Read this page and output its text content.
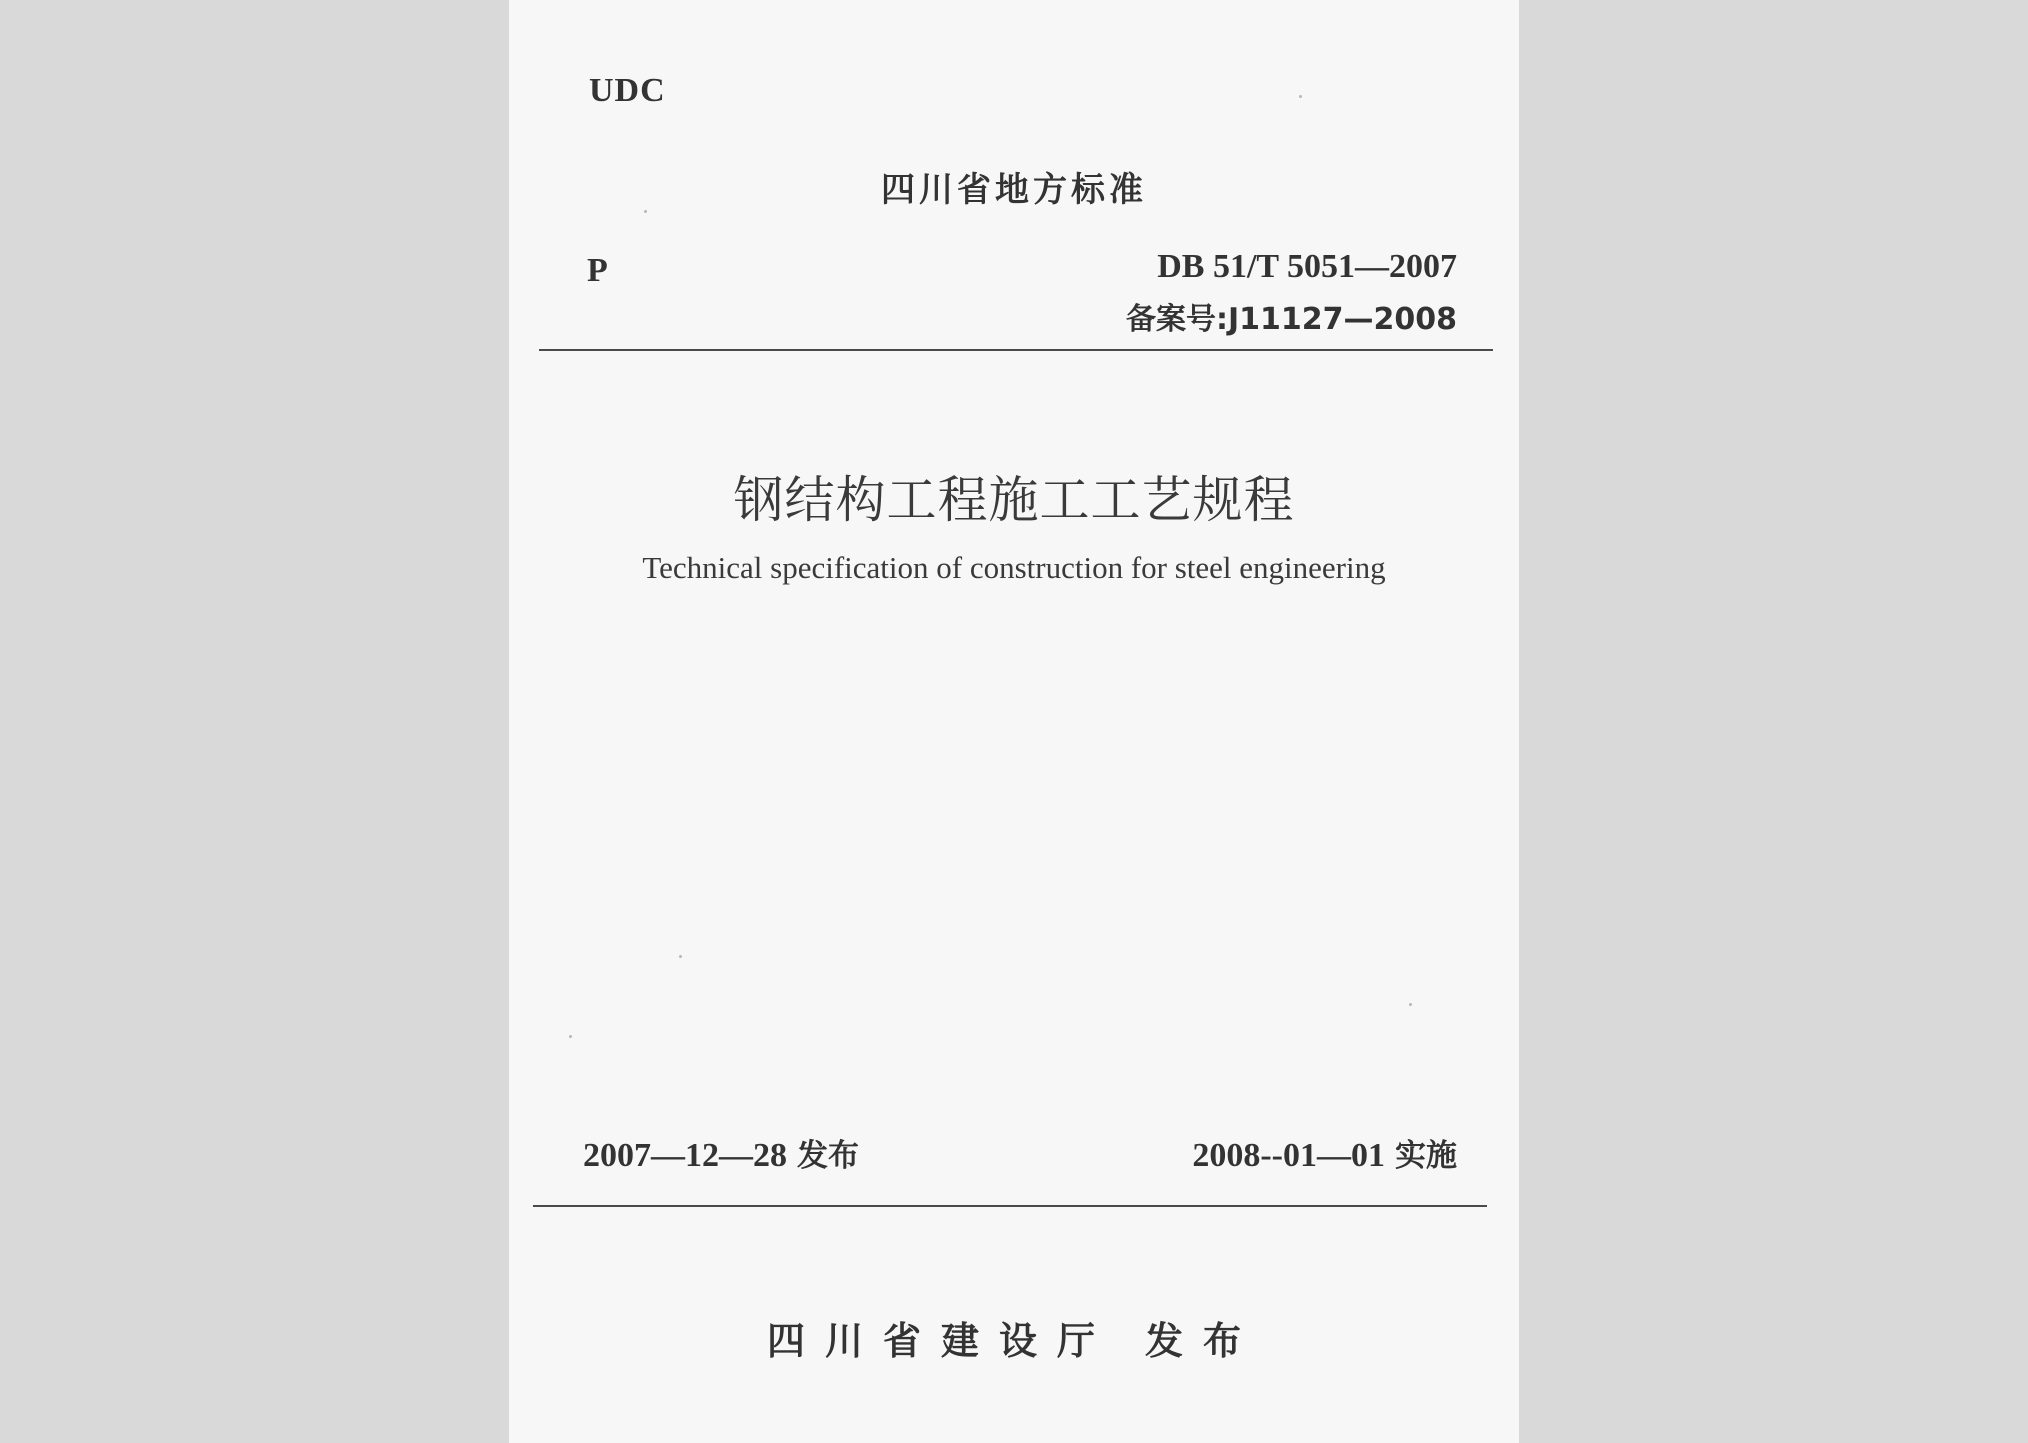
UDC
四川省地方标准
P	DB 51/T 5051—2007
备案号:J11127—2008
钢结构工程施工工艺规程
Technical specification of construction for steel engineering
2007—12—28 发布	2008--01—01 实施
四川省建设厅 发布
